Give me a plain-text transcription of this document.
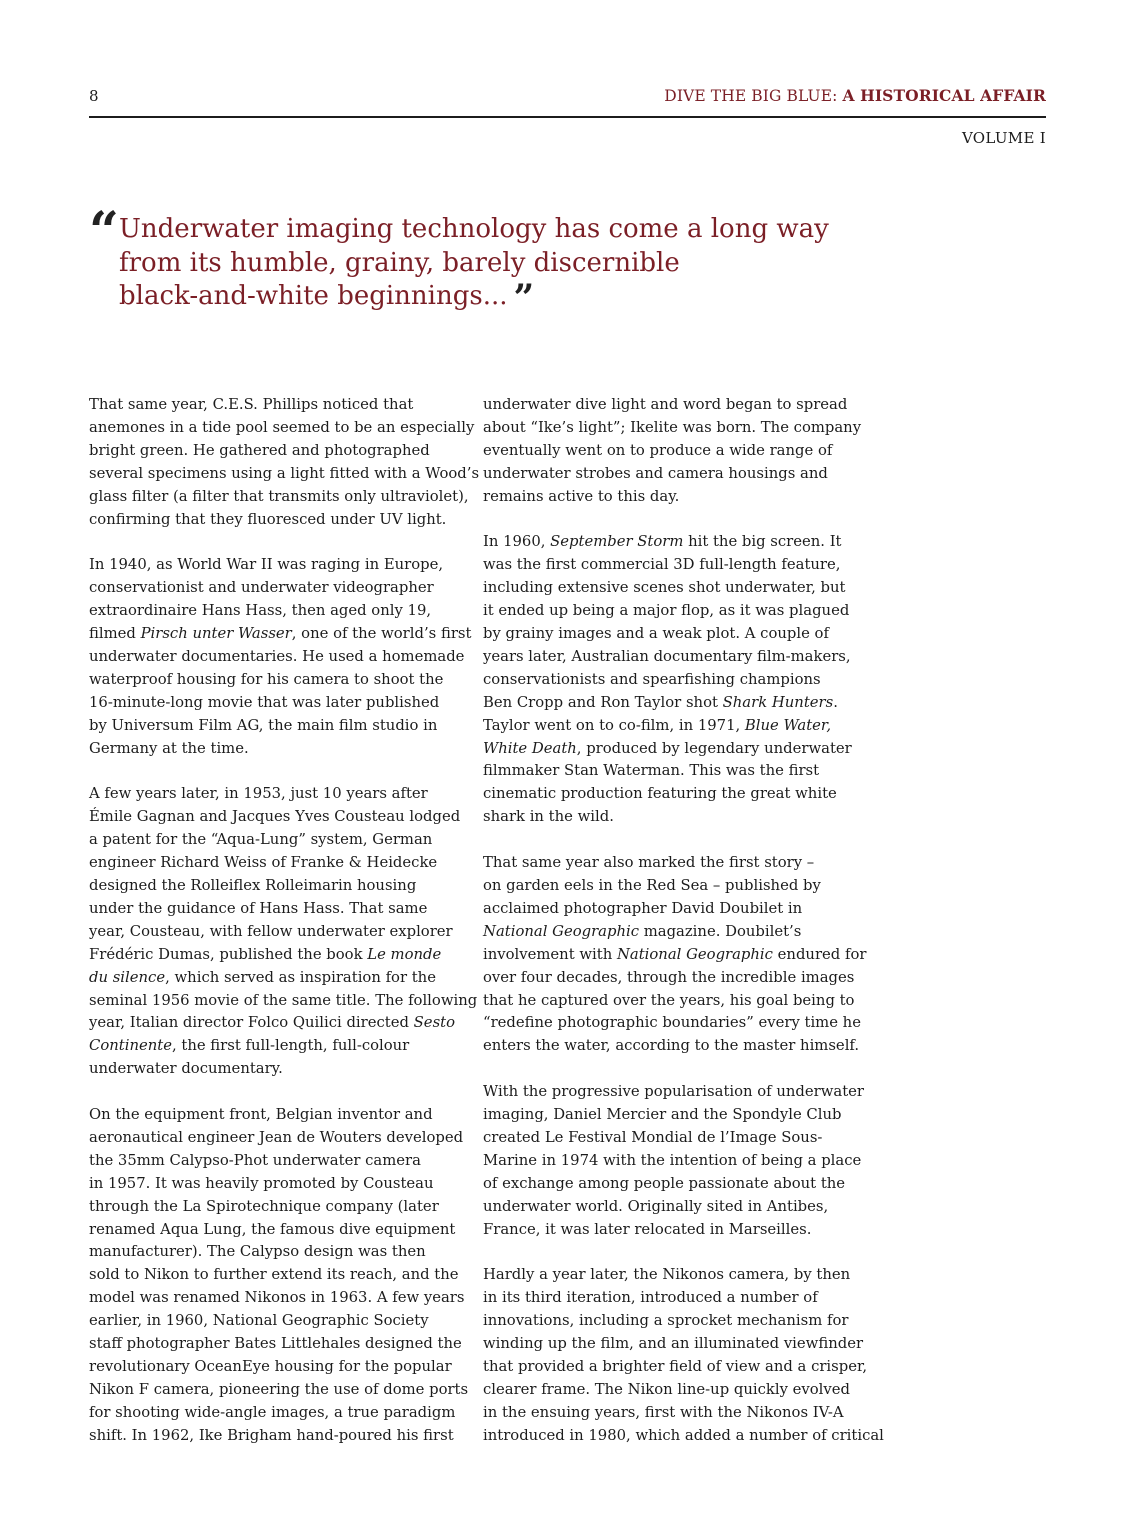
8	DIVE THE BIG BLUE: A HISTORICAL AFFAIR
VOLUME I
“ Underwater imaging technology has come a long way
from its humble, grainy, barely discernible
black-and-white beginnings... ”

That same year, C.E.S. Phillips noticed that
anemones in a tide pool seemed to be an especially
bright green. He gathered and photographed
several specimens using a light fitted with a Wood’s
glass filter (a filter that transmits only ultraviolet),
confirming that they fluoresced under UV light.

In 1940, as World War II was raging in Europe,
conservationist and underwater videographer
extraordinaire Hans Hass, then aged only 19,
filmed Pirsch unter Wasser, one of the world’s first
underwater documentaries. He used a homemade
waterproof housing for his camera to shoot the
16-minute-long movie that was later published
by Universum Film AG, the main film studio in
Germany at the time.

A few years later, in 1953, just 10 years after
Émile Gagnan and Jacques Yves Cousteau lodged
a patent for the “Aqua-Lung” system, German
engineer Richard Weiss of Franke & Heidecke
designed the Rolleiflex Rolleimarin housing
under the guidance of Hans Hass. That same
year, Cousteau, with fellow underwater explorer
Frédéric Dumas, published the book Le monde
du silence, which served as inspiration for the
seminal 1956 movie of the same title. The following
year, Italian director Folco Quilici directed Sesto
Continente, the first full-length, full-colour
underwater documentary.

On the equipment front, Belgian inventor and
aeronautical engineer Jean de Wouters developed
the 35mm Calypso-Phot underwater camera
in 1957. It was heavily promoted by Cousteau
through the La Spirotechnique company (later
renamed Aqua Lung, the famous dive equipment
manufacturer). The Calypso design was then
sold to Nikon to further extend its reach, and the
model was renamed Nikonos in 1963. A few years
earlier, in 1960, National Geographic Society
staff photographer Bates Littlehales designed the
revolutionary OceanEye housing for the popular
Nikon F camera, pioneering the use of dome ports
for shooting wide-angle images, a true paradigm
shift. In 1962, Ike Brigham hand-poured his first

underwater dive light and word began to spread
about “Ike’s light”; Ikelite was born. The company
eventually went on to produce a wide range of
underwater strobes and camera housings and
remains active to this day.

In 1960, September Storm hit the big screen. It
was the first commercial 3D full-length feature,
including extensive scenes shot underwater, but
it ended up being a major flop, as it was plagued
by grainy images and a weak plot. A couple of
years later, Australian documentary film-makers,
conservationists and spearfishing champions
Ben Cropp and Ron Taylor shot Shark Hunters.
Taylor went on to co-film, in 1971, Blue Water,
White Death, produced by legendary underwater
filmmaker Stan Waterman. This was the first
cinematic production featuring the great white
shark in the wild.

That same year also marked the first story –
on garden eels in the Red Sea – published by
acclaimed photographer David Doubilet in
National Geographic magazine. Doubilet’s
involvement with National Geographic endured for
over four decades, through the incredible images
that he captured over the years, his goal being to
“redefine photographic boundaries” every time he
enters the water, according to the master himself.

With the progressive popularisation of underwater
imaging, Daniel Mercier and the Spondyle Club
created Le Festival Mondial de l’Image Sous-
Marine in 1974 with the intention of being a place
of exchange among people passionate about the
underwater world. Originally sited in Antibes,
France, it was later relocated in Marseilles.

Hardly a year later, the Nikonos camera, by then
in its third iteration, introduced a number of
innovations, including a sprocket mechanism for
winding up the film, and an illuminated viewfinder
that provided a brighter field of view and a crisper,
clearer frame. The Nikon line-up quickly evolved
in the ensuing years, first with the Nikonos IV-A
introduced in 1980, which added a number of critical
